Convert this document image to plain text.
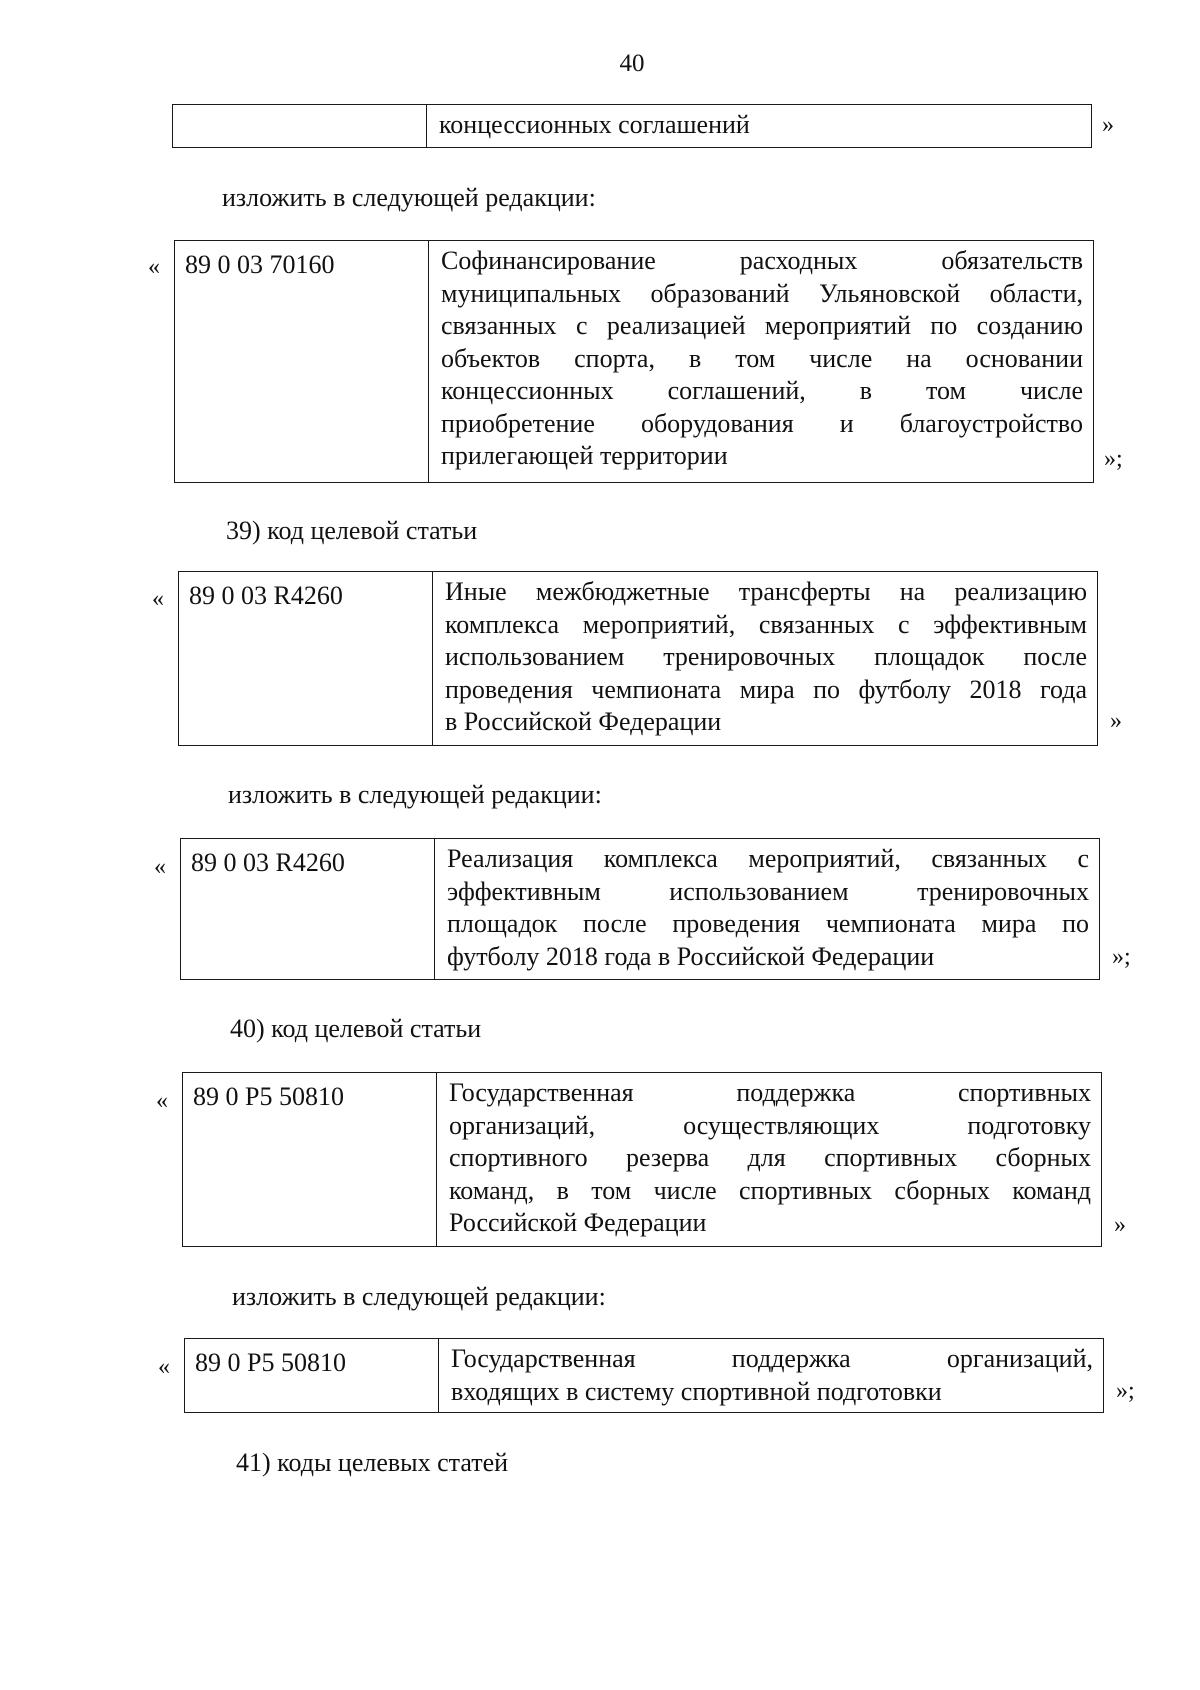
40
концессионных соглашений	»
изложить в следующей редакции:
« 89 0 03 70160	Софинансирование расходных обязательств
муниципальных образований Ульяновской области,
связанных с реализацией мероприятий по созданию
объектов спорта, в том числе на основании
концессионных соглашений, в том числе
приобретение оборудования и благоустройство
прилегающей территории	»;
39) код целевой статьи
« 89 0 03 R4260	Иные межбюджетные трансферты на реализацию
комплекса мероприятий, связанных с эффективным
использованием тренировочных площадок после
проведения чемпионата мира по футболу 2018 года
в Российской Федерации	»
изложить в следующей редакции:
« 89 0 03 R4260	Реализация комплекса мероприятий, связанных с
эффективным использованием тренировочных
площадок после проведения чемпионата мира по
футболу 2018 года в Российской Федерации	»;
40) код целевой статьи
« 89 0 P5 50810	Государственная поддержка спортивных
организаций, осуществляющих подготовку
спортивного резерва для спортивных сборных
команд, в том числе спортивных сборных команд
Российской Федерации	»
изложить в следующей редакции:
« 89 0 P5 50810	Государственная поддержка организаций,
входящих в систему спортивной подготовки	»;
41) коды целевых статей
